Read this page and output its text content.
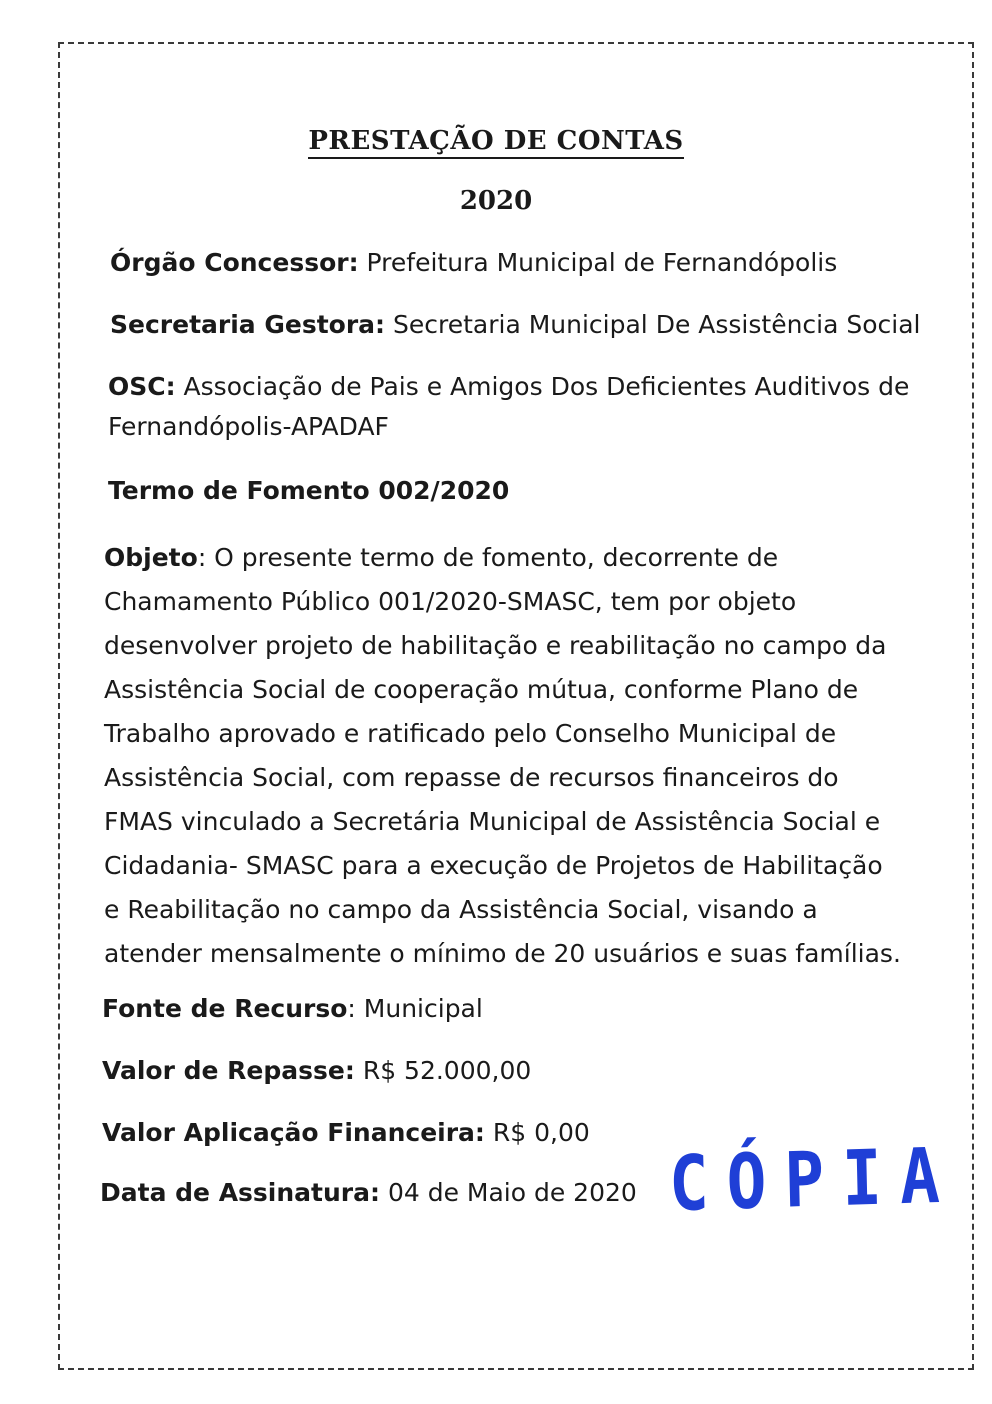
PRESTAÇÃO DE CONTAS
2020
Órgão Concessor: Prefeitura Municipal de Fernandópolis
Secretaria Gestora: Secretaria Municipal De Assistência Social
OSC: Associação de Pais e Amigos Dos Deficientes Auditivos de
Fernandópolis-APADAF
Termo de Fomento 002/2020
Objeto: O presente termo de fomento, decorrente de
Chamamento Público 001/2020-SMASC, tem por objeto
desenvolver projeto de habilitação e reabilitação no campo da
Assistência Social de cooperação mútua, conforme Plano de
Trabalho aprovado e ratificado pelo Conselho Municipal de
Assistência Social, com repasse de recursos financeiros do
FMAS vinculado a Secretária Municipal de Assistência Social e
Cidadania- SMASC para a execução de Projetos de Habilitação
e Reabilitação no campo da Assistência Social, visando a
atender mensalmente o mínimo de 20 usuários e suas famílias.
Fonte de Recurso: Municipal
Valor de Repasse: R$ 52.000,00
Valor Aplicação Financeira: R$ 0,00
Data de Assinatura: 04 de Maio de 2020 CÓPIA
